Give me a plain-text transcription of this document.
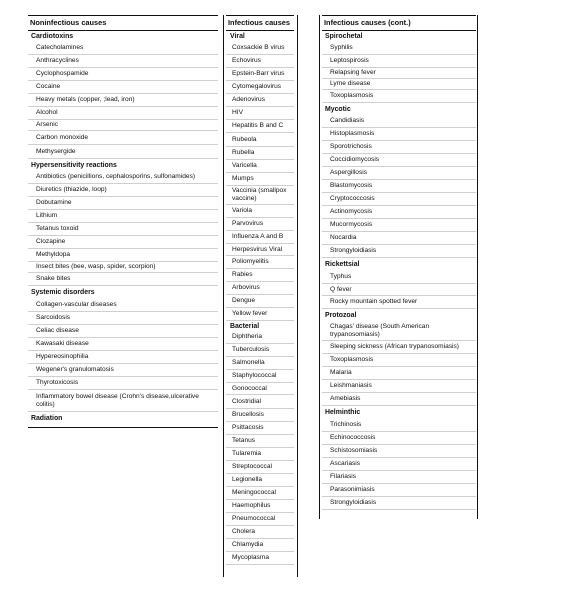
Noninfectious causes
Cardiotoxins
Catecholamines
Anthracyclines
Cyclophospamide
Cocaine
Heavy metals (copper, ;lead, iron)
Alcohol
Arsenic
Carbon monoxide
Methysergide
Hypersensitivity reactions
Antibiotics (penicillions, cephalosporins, sulfonamides)
Diuretics (thiazide, loop)
Dobutamine
Lithium
Tetanus toxoid
Clozapine
Methyldopa
Insect bites (bee, wasp, spider, scorpion)
Snake bites
Systemic disorders
Collagen-vascular diseases
Sarcoidosis
Celiac disease
Kawasaki disease
Hypereosinophilia
Wegener's granulomatosis
Thyrotoxicosis
Inflammatory bowel disease (Crohn's disease,ulcerative colitis)
Radiation
Infectious causes
Viral
Coxsackie B virus
Echovirus
Epstein-Barr virus
Cytomegalovirus
Adenovirus
HIV
Hepatitis B and C
Rubeola
Rubella
Varicella
Mumps
Vaccinia (smallpox vaccine)
Variola
Parvovirus
Influenza A and B
Herpesvirus Viral
Poliomyelitis
Rabies
Arbovirus
Dengue
Yellow fever
Bacterial
Diphtheria
Tuberculosis
Salmonella
Staphylococcal
Gonococcal
Clostridial
Brucellosis
Psittacosis
Tetanus
Tularemia
Streptococcal
Legionella
Meningococcal
Haemophilus
Pneumococcal
Cholera
Chlamydia
Mycoplasma
Infectious causes (cont.)
Spirochetal
Syphilis
Leptospirosis
Relapsing fever
Lyme disease
Toxoplasmosis
Mycotic
Candidiasis
Histoplasmosis
Sporotrichosis
Coccidiomycosis
Aspergillosis
Blastomycosis
Cryptococcosis
Actinomycosis
Mucormycosis
Nocardia
Strongyloidiasis
Rickettsial
Typhus
Q fever
Rocky mountain spotted fever
Protozoal
Chagas' disease (South American trypanosomiasis)
Sleeping sickness (African trypanosomiasis)
Toxoplasmosis
Malaria
Leishmaniasis
Amebiasis
Helminthic
Trichinosis
Echinococcosis
Schistosomiasis
Ascariasis
Filariasis
Parasonimiasis
Strongyloidiasis
